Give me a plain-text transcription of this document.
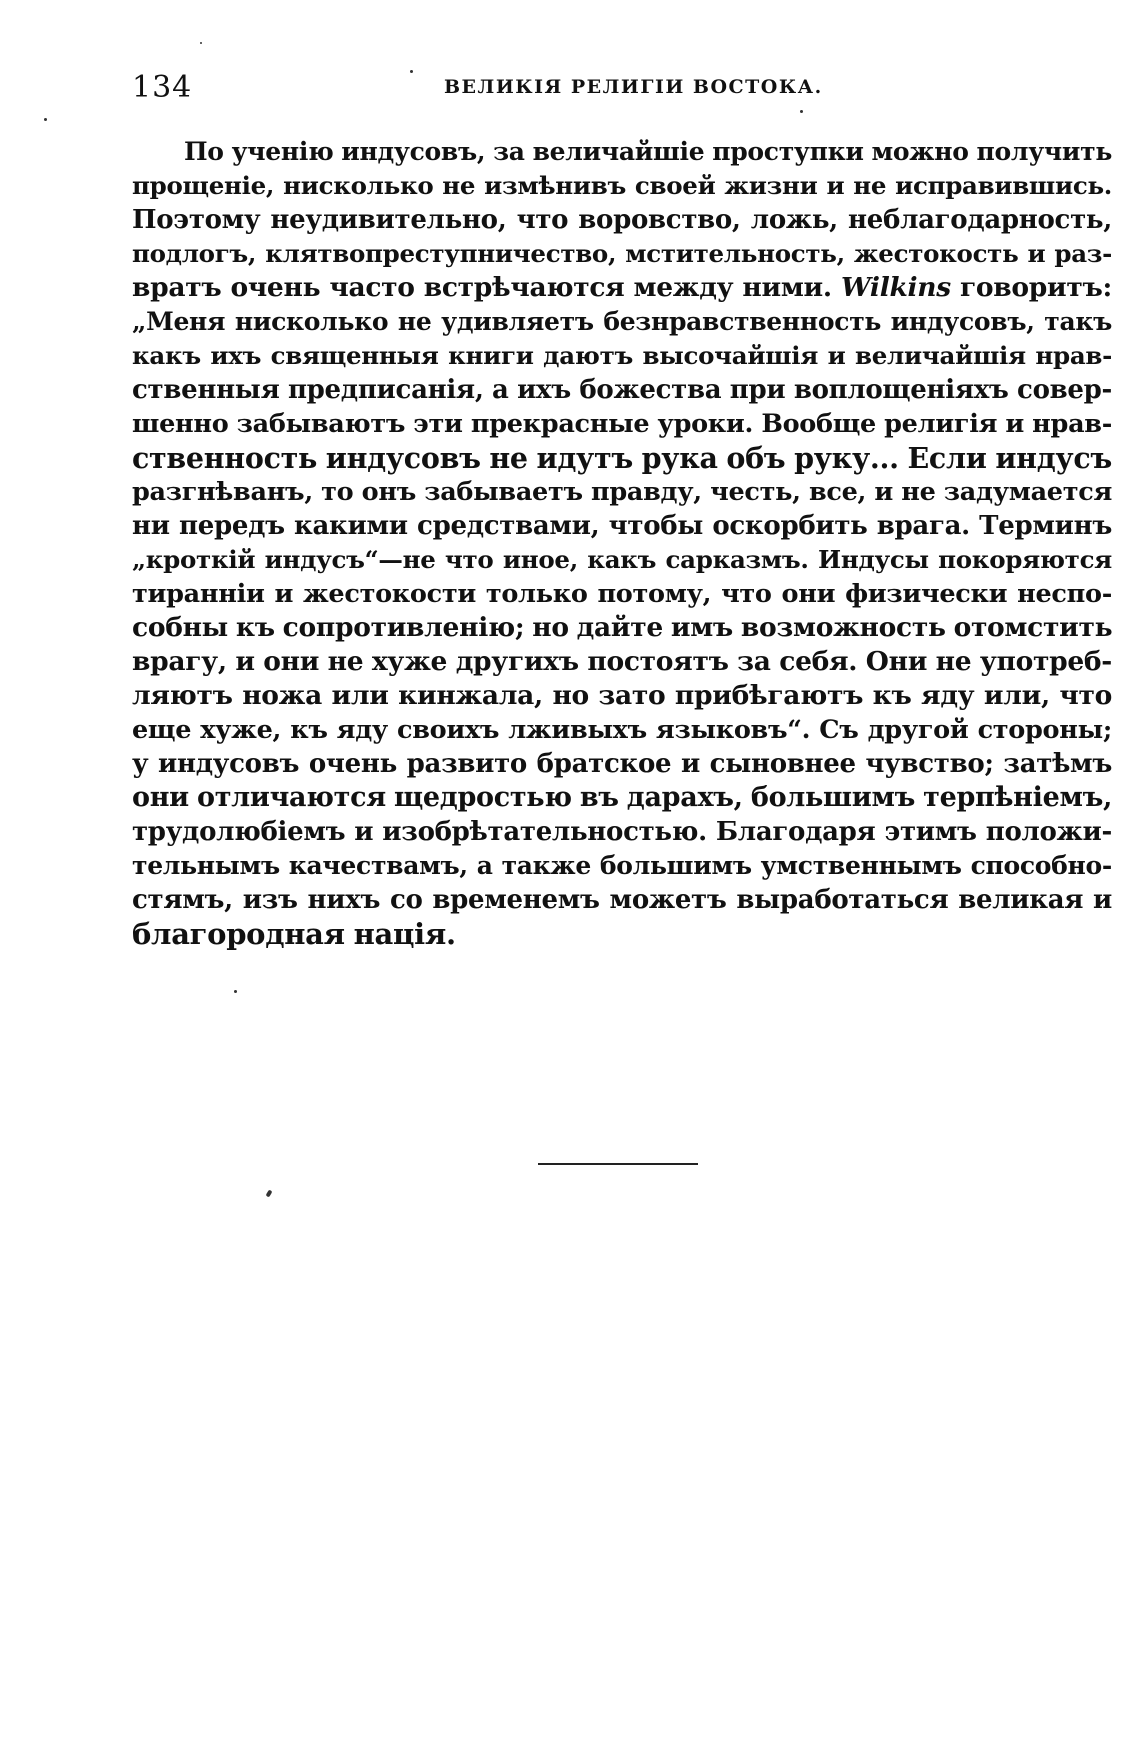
134	ВЕЛИКІЯ РЕЛИГІИ ВОСТОКА.
По ученію индусовъ, за величайшіе проступки можно получить
прощеніе, нисколько не измѣнивъ своей жизни и не исправившись.
Поэтому неудивительно, что воровство, ложь, неблагодарность,
подлогъ, клятвопреступничество, мстительность, жестокость и раз-
вратъ очень часто встрѣчаются между ними. Wilkins говоритъ:
„Меня нисколько не удивляетъ безнравственность индусовъ, такъ
какъ ихъ священныя книги даютъ высочайшія и величайшія нрав-
ственныя предписанія, а ихъ божества при воплощеніяхъ совер-
шенно забываютъ эти прекрасные уроки. Вообще религія и нрав-
ственность индусовъ не идутъ рука объ руку... Если индусъ
разгнѣванъ, то онъ забываетъ правду, честь, все, и не задумается
ни передъ какими средствами, чтобы оскорбить врага. Терминъ
„кроткій индусъ“—не что иное, какъ сарказмъ. Индусы покоряются
тиранніи и жестокости только потому, что они физически неспо-
собны къ сопротивленію; но дайте имъ возможность отомстить
врагу, и они не хуже другихъ постоятъ за себя. Они не употреб-
ляютъ ножа или кинжала, но зато прибѣгаютъ къ яду или, что
еще хуже, къ яду своихъ лживыхъ языковъ“. Съ другой стороны;
у индусовъ очень развито братское и сыновнее чувство; затѣмъ
они отличаются щедростью въ дарахъ, большимъ терпѣніемъ,
трудолюбіемъ и изобрѣтательностью. Благодаря этимъ положи-
тельнымъ качествамъ, а также большимъ умственнымъ способно-
стямъ, изъ нихъ со временемъ можетъ выработаться великая и
благородная нація.
